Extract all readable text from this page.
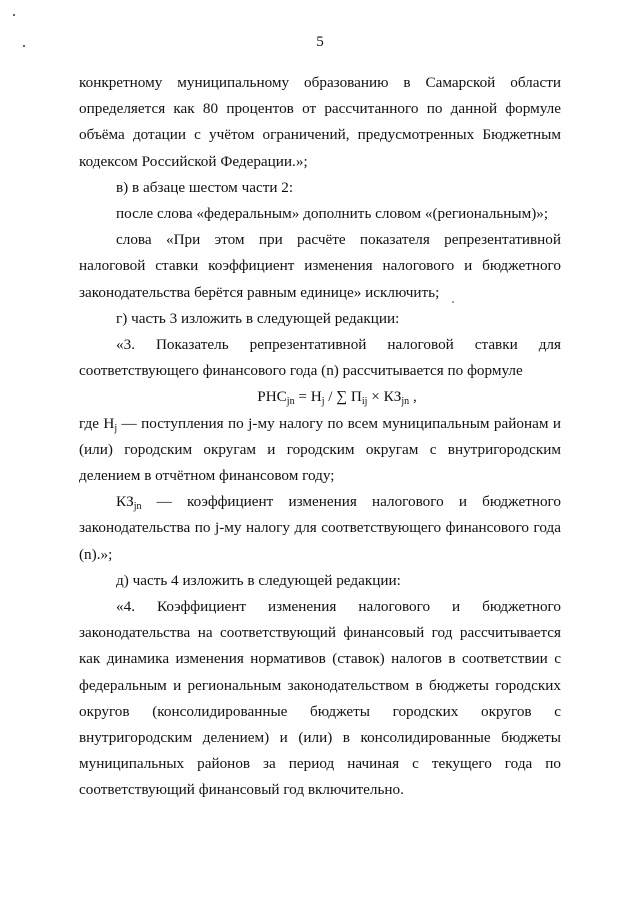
5

конкретному муниципальному образованию в Самарской области определяется как 80 процентов от рассчитанного по данной формуле объёма дотации с учётом ограничений, предусмотренных Бюджетным кодексом Российской Федерации.»;

в) в абзаце шестом части 2:

после слова «федеральным» дополнить словом «(региональным)»;

слова «При этом при расчёте показателя репрезентативной налоговой ставки коэффициент изменения налогового и бюджетного законодательства берётся равным единице» исключить;

г) часть 3 изложить в следующей редакции:

«3. Показатель репрезентативной налоговой ставки для соответствующего финансового года (n) рассчитывается по формуле

$РНС_{jn} = Н_j$ / ∑ $П_{ij} \times КЗ_{jn}$ ,

где $Н_j$ — поступления по j-му налогу по всем муниципальным районам и (или) городским округам и городским округам с внутригородским делением в отчётном финансовом году;

$КЗ_{jn}$ — коэффициент изменения налогового и бюджетного законодательства по j-му налогу для соответствующего финансового года (n).»;

д) часть 4 изложить в следующей редакции:

«4. Коэффициент изменения налогового и бюджетного законодательства на соответствующий финансовый год рассчитывается как динамика изменения нормативов (ставок) налогов в соответствии с федеральным и региональным законодательством в бюджеты городских округов (консолидированные бюджеты городских округов с внутригородским делением) и (или) в консолидированные бюджеты муниципальных районов за период начиная с текущего года по соответствующий финансовый год включительно.
